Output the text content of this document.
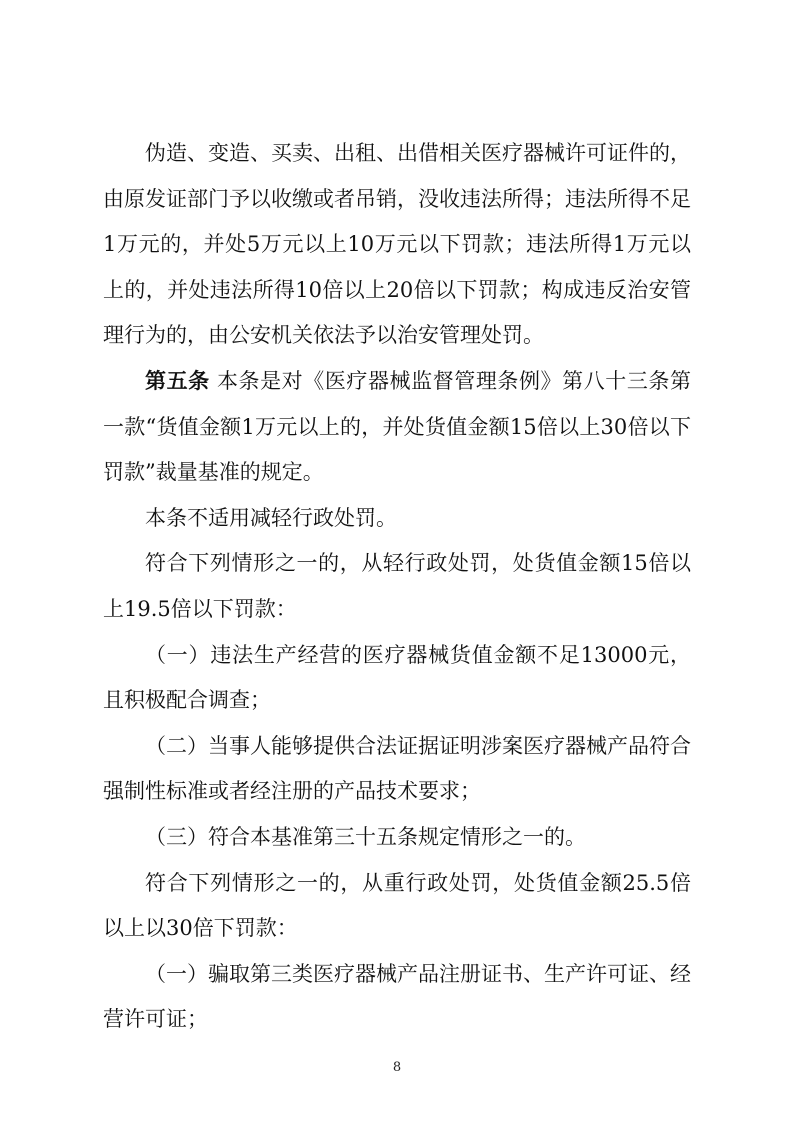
伪造、变造、买卖、出租、出借相关医疗器械许可证件的，由原发证部门予以收缴或者吊销，没收违法所得；违法所得不足1万元的，并处5万元以上10万元以下罚款；违法所得1万元以上的，并处违法所得10倍以上20倍以下罚款；构成违反治安管理行为的，由公安机关依法予以治安管理处罚。

第五条 本条是对《医疗器械监督管理条例》第八十三条第一款“货值金额1万元以上的，并处货值金额15倍以上30倍以下罚款”裁量基准的规定。

本条不适用减轻行政处罚。

符合下列情形之一的，从轻行政处罚，处货值金额15倍以上19.5倍以下罚款：

（一）违法生产经营的医疗器械货值金额不足13000元，且积极配合调查；

（二）当事人能够提供合法证据证明涉案医疗器械产品符合强制性标准或者经注册的产品技术要求；

（三）符合本基准第三十五条规定情形之一的。

符合下列情形之一的，从重行政处罚，处货值金额25.5倍以上以30倍下罚款：

（一）骗取第三类医疗器械产品注册证书、生产许可证、经营许可证；

8
